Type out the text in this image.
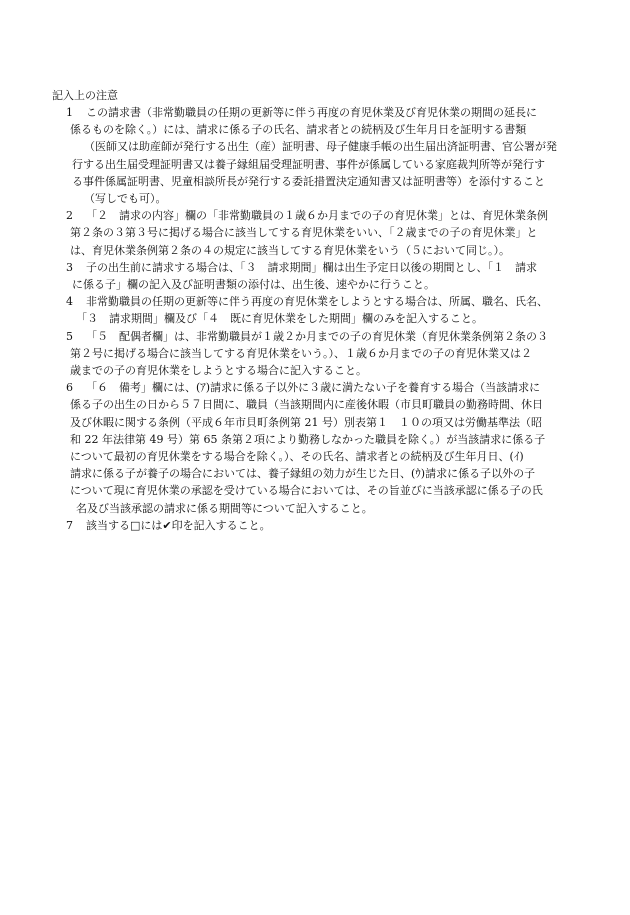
記入上の注意
1 この請求書（非常勤職員の任期の更新等に伴う再度の育児休業及び育児休業の期間の延長に
係るものを除く。）には、請求に係る子の氏名、請求者との続柄及び生年月日を証明する書類
（医師又は助産師が発行する出生（産）証明書、母子健康手帳の出生届出済証明書、官公署が発
行する出生届受理証明書又は養子縁組届受理証明書、事件が係属している家庭裁判所等が発行す
る事件係属証明書、児童相談所長が発行する委託措置決定通知書又は証明書等）を添付すること
（写しでも可）。
2 「２　請求の内容」欄の「非常勤職員の１歳６か月までの子の育児休業」とは、育児休業条例
第２条の３第３号に掲げる場合に該当してする育児休業をいい、「２歳までの子の育児休業」と
は、育児休業条例第２条の４の規定に該当してする育児休業をいう（５において同じ。）。
3 子の出生前に請求する場合は、「３　請求期間」欄は出生予定日以後の期間とし、「１　請求
に係る子」欄の記入及び証明書類の添付は、出生後、速やかに行うこと。
4 非常勤職員の任期の更新等に伴う再度の育児休業をしようとする場合は、所属、職名、氏名、
「３　請求期間」欄及び「４　既に育児休業をした期間」欄のみを記入すること。
5 「５　配偶者欄」は、非常勤職員が１歳２か月までの子の育児休業（育児休業条例第２条の３
第２号に掲げる場合に該当してする育児休業をいう。）、１歳６か月までの子の育児休業又は２
歳までの子の育児休業をしようとする場合に記入すること。
6 「６　備考」欄には、(ｱ)請求に係る子以外に３歳に満たない子を養育する場合（当該請求に
係る子の出生の日から５７日間に、職員（当該期間内に産後休暇（市貝町職員の勤務時間、休日
及び休暇に関する条例（平成６年市貝町条例第 21 号）別表第１　１０の項又は労働基準法（昭
和 22 年法律第 49 号）第 65 条第２項により勤務しなかった職員を除く。）が当該請求に係る子
について最初の育児休業をする場合を除く。）、その氏名、請求者との続柄及び生年月日、(ｲ)
請求に係る子が養子の場合においては、養子縁組の効力が生じた日、(ｳ)請求に係る子以外の子
について現に育児休業の承認を受けている場合においては、その旨並びに当該承認に係る子の氏
名及び当該承認の請求に係る期間等について記入すること。
7 該当する□には✔印を記入すること。
